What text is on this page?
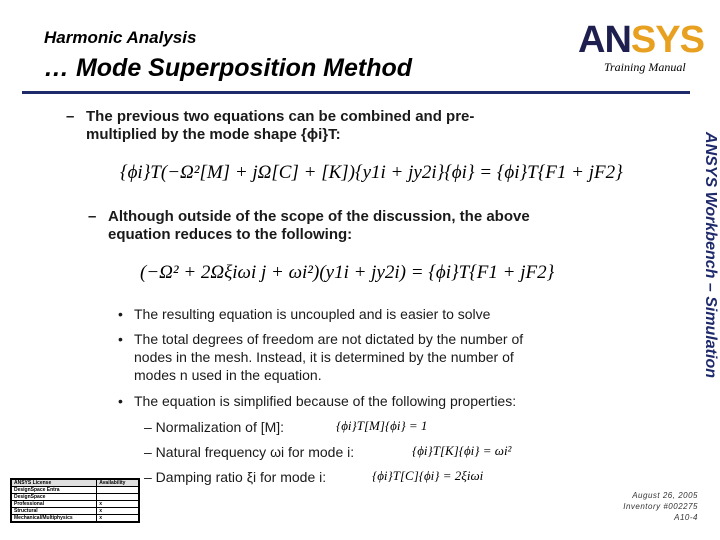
Harmonic Analysis
… Mode Superposition Method
ANSYS
Training Manual
ANSYS Workbench – Simulation
– The previous two equations can be combined and pre-
multiplied by the mode shape {ϕi}T:
{ϕi}T(−Ω²[M] + jΩ[C] + [K]){y1i + jy2i}{ϕi} = {ϕi}T{F1 + jF2}
– Although outside of the scope of the discussion, the above
equation reduces to the following:
(−Ω² + 2Ωξiωi j + ωi²)(y1i + jy2i) = {ϕi}T{F1 + jF2}
• The resulting equation is uncoupled and is easier to solve
• The total degrees of freedom are not dictated by the number of
nodes in the mesh. Instead, it is determined by the number of
modes n used in the equation.
• The equation is simplified because of the following properties:
– Normalization of [M]:	{ϕi}T[M]{ϕi} = 1
– Natural frequency ωi for mode i:	{ϕi}T[K]{ϕi} = ωi²
– Damping ratio ξi for mode i:	{ϕi}T[C]{ϕi} = 2ξiωi
ANSYS License	Availability
DesignSpace Entra	
DesignSpace	
Professional	x
Structural	x
Mechanical/Multiphysics	x
August 26, 2005
Inventory #002275
A10-4
